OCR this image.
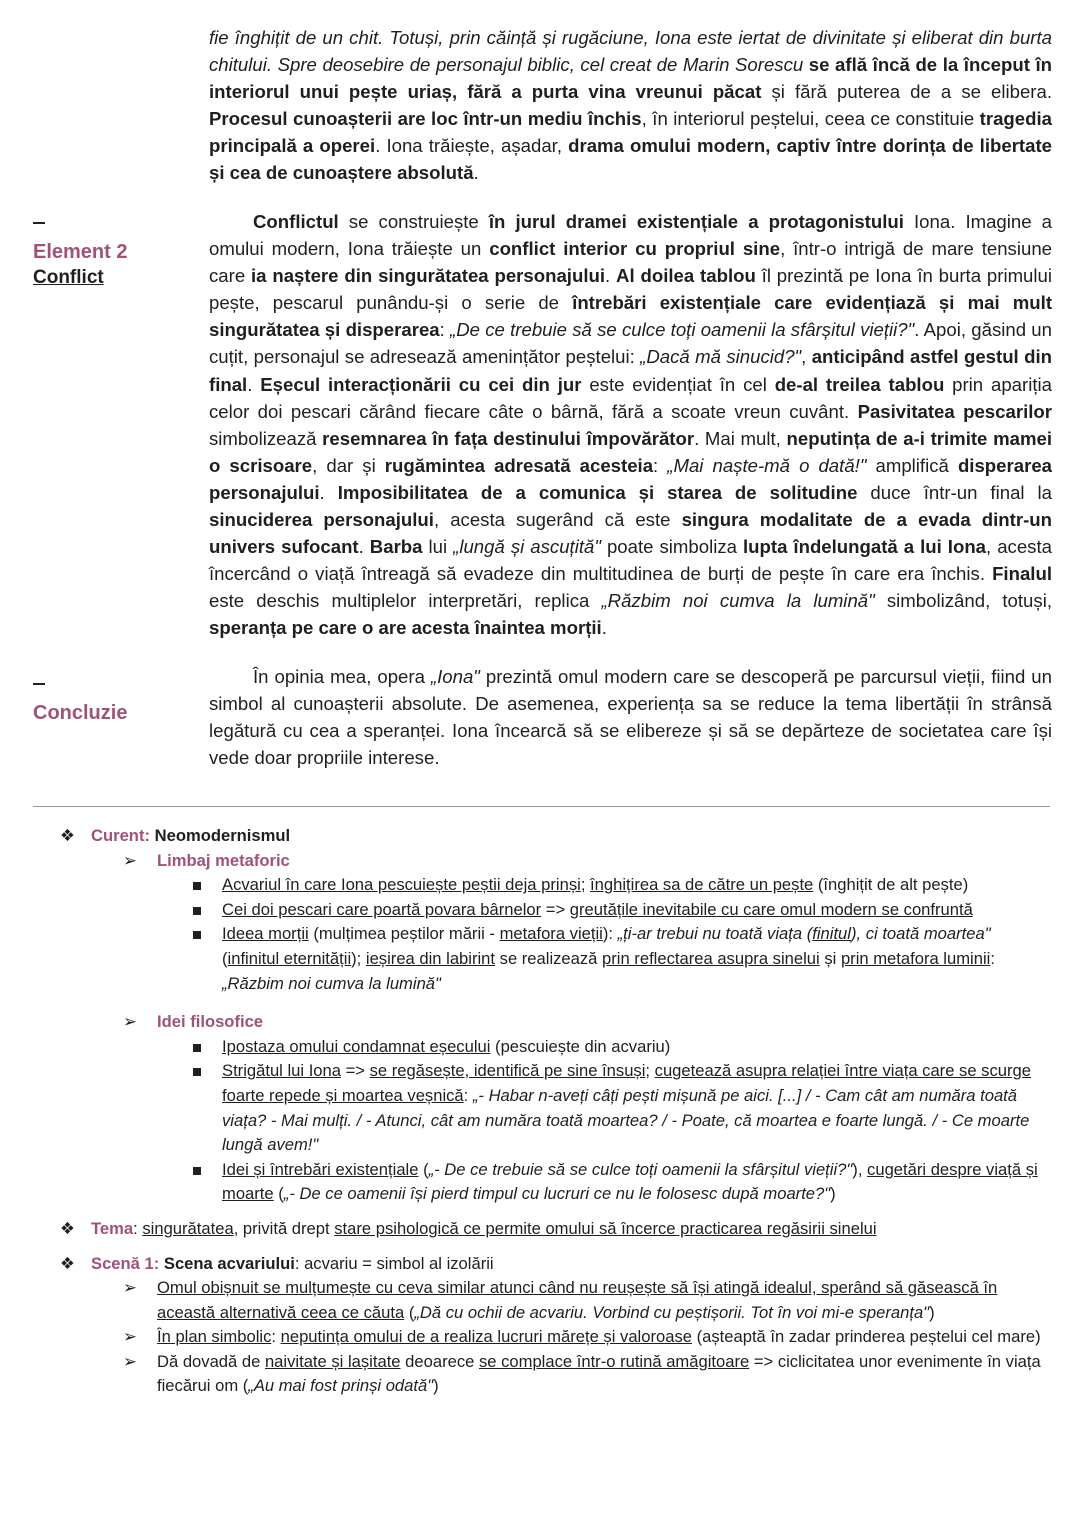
fie înghițit de un chit. Totuși, prin căință și rugăciune, Iona este iertat de divinitate și eliberat din burta chitului. Spre deosebire de personajul biblic, cel creat de Marin Sorescu se află încă de la început în interiorul unui pește uriaș, fără a purta vina vreunui păcat și fără puterea de a se elibera. Procesul cunoașterii are loc într-un mediu închis, în interiorul peștelui, ceea ce constituie tragedia principală a operei. Iona trăiește, așadar, drama omului modern, captiv între dorința de libertate și cea de cunoaștere absolută.

Element 2
Conflict

Conflictul se construiește în jurul dramei existențiale a protagonistului Iona. Imagine a omului modern, Iona trăiește un conflict interior cu propriul sine, într-o intrigă de mare tensiune care ia naștere din singurătatea personajului. Al doilea tablou îl prezintă pe Iona în burta primului pește, pescarul punându-și o serie de întrebări existențiale care evidențiază și mai mult singurătatea și disperarea: „De ce trebuie să se culce toți oamenii la sfârșitul vieții?". Apoi, găsind un cuțit, personajul se adresează amenințător peștelui: „Dacă mă sinucid?", anticipând astfel gestul din final. Eșecul interacționării cu cei din jur este evidențiat în cel de-al treilea tablou prin apariția celor doi pescari cărând fiecare câte o bârnă, fără a scoate vreun cuvânt. Pasivitatea pescarilor simbolizează resemnarea în fața destinului împovărător. Mai mult, neputința de a-i trimite mamei o scrisoare, dar și rugămintea adresată acesteia: „Mai naște-mă o dată!" amplifică disperarea personajului. Imposibilitatea de a comunica și starea de solitudine duce într-un final la sinuciderea personajului, acesta sugerând că este singura modalitate de a evada dintr-un univers sufocant. Barba lui „lungă și ascuțită" poate simboliza lupta îndelungată a lui Iona, acesta încercând o viață întreagă să evadeze din multitudinea de burți de pește în care era închis. Finalul este deschis multiplelor interpretări, replica „Răzbim noi cumva la lumină" simbolizând, totuși, speranța pe care o are acesta înaintea morții.

Concluzie

În opinia mea, opera „Iona" prezintă omul modern care se descoperă pe parcursul vieții, fiind un simbol al cunoașterii absolute. De asemenea, experiența sa se reduce la tema libertății în strânsă legătură cu cea a speranței. Iona încearcă să se elibereze și să se depărteze de societatea care își vede doar propriile interese.

❖ Curent: Neomodernismul
➢ Limbaj metaforic
Acvariul în care Iona pescuiește peștii deja prinși; înghițirea sa de către un pește (înghițit de alt pește)
Cei doi pescari care poartă povara bârnelor => greutățile inevitabile cu care omul modern se confruntă
Ideea morții (mulțimea peștilor mării - metafora vieții): „ți-ar trebui nu toată viața (finitul), ci toată moartea" (infinitul eternității); ieșirea din labirint se realizează prin reflectarea asupra sinelui și prin metafora luminii: „Răzbim noi cumva la lumină"
➢ Idei filosofice
Ipostaza omului condamnat eșecului (pescuiește din acvariu)
Strigătul lui Iona => se regăsește, identifică pe sine însuși; cugetează asupra relației între viața care se scurge foarte repede și moartea veșnică: „- Habar n-aveți câți pești mișună pe aici. [...] / - Cam cât am număra toată viața? - Mai mulți. / - Atunci, cât am număra toată moartea? / - Poate, că moartea e foarte lungă. / - Ce moarte lungă avem!"
Idei și întrebări existențiale („- De ce trebuie să se culce toți oamenii la sfârșitul vieții?"), cugetări despre viață și moarte („- De ce oamenii își pierd timpul cu lucruri ce nu le folosesc după moarte?")
❖ Tema: singurătatea, privită drept stare psihologică ce permite omului să încerce practicarea regăsirii sinelui
❖ Scenă 1: Scena acvariului: acvariu = simbol al izolării
➢ Omul obișnuit se mulțumește cu ceva similar atunci când nu reușește să își atingă idealul, sperând să găsească în această alternativă ceea ce căuta („Dă cu ochii de acvariu. Vorbind cu peștișorii. Tot în voi mi-e speranța")
➢ În plan simbolic: neputința omului de a realiza lucruri mărețe și valoroase (așteaptă în zadar prinderea peștelui cel mare)
➢ Dă dovadă de naivitate și lașitate deoarece se complace într-o rutină amăgitoare => ciclicitatea unor evenimente în viața fiecărui om („Au mai fost prinși odată")
